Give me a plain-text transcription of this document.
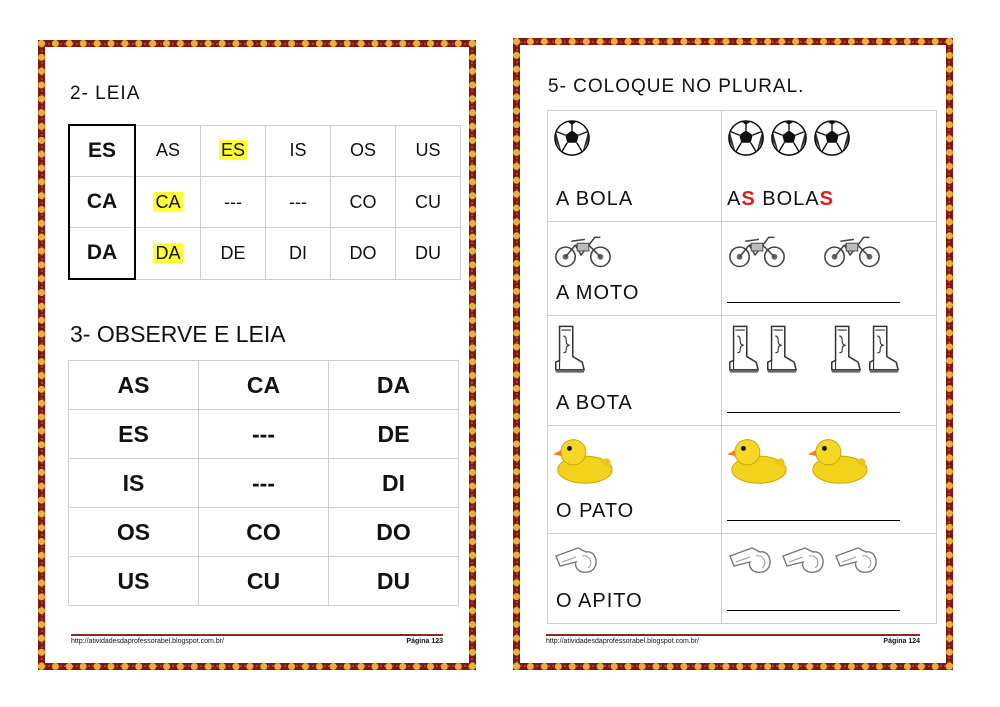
2- LEIA
ES	AS	ES	IS	OS	US
CA	CA	---	---	CO	CU
DA	DA	DE	DI	DO	DU
3- OBSERVE E LEIA
AS	CA	DA
ES	---	DE
IS	---	DI
OS	CO	DO
US	CU	DU
http://atividadesdaprofessorabel.blogspot.com.br/	Página 123
5- COLOQUE NO PLURAL.
A BOLA	AS BOLAS

A MOTO

A BOTA

O PATO

O APITO

http://atividadesdaprofessorabel.blogspot.com.br/	Página 124
